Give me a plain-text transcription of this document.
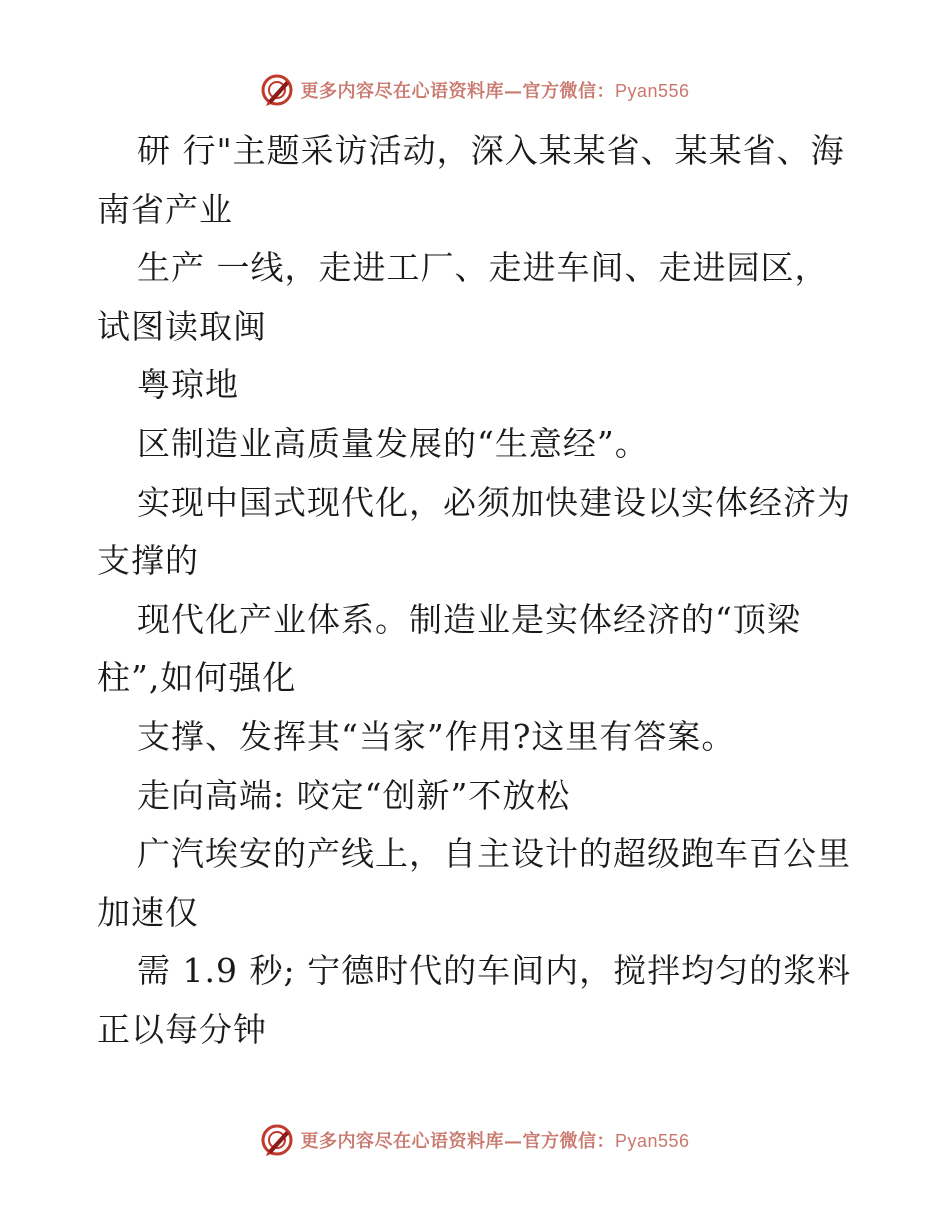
更多内容尽在心语资料库—官方微信：Pyan556

研 行"主题采访活动，深入某某省、某某省、海

南省产业

生产 一线，走进工厂、走进车间、走进园区，

试图读取闽

粤琼地

区制造业高质量发展的“生意经”。

实现中国式现代化，必须加快建设以实体经济为

支撑的

现代化产业体系。制造业是实体经济的“顶梁

柱”,如何强化

支撑、发挥其“当家”作用?这里有答案。

走向高端: 咬定“创新”不放松

广汽埃安的产线上，自主设计的超级跑车百公里

加速仅

需 1.9 秒; 宁德时代的车间内，搅拌均匀的浆料

正以每分钟

更多内容尽在心语资料库—官方微信：Pyan556
